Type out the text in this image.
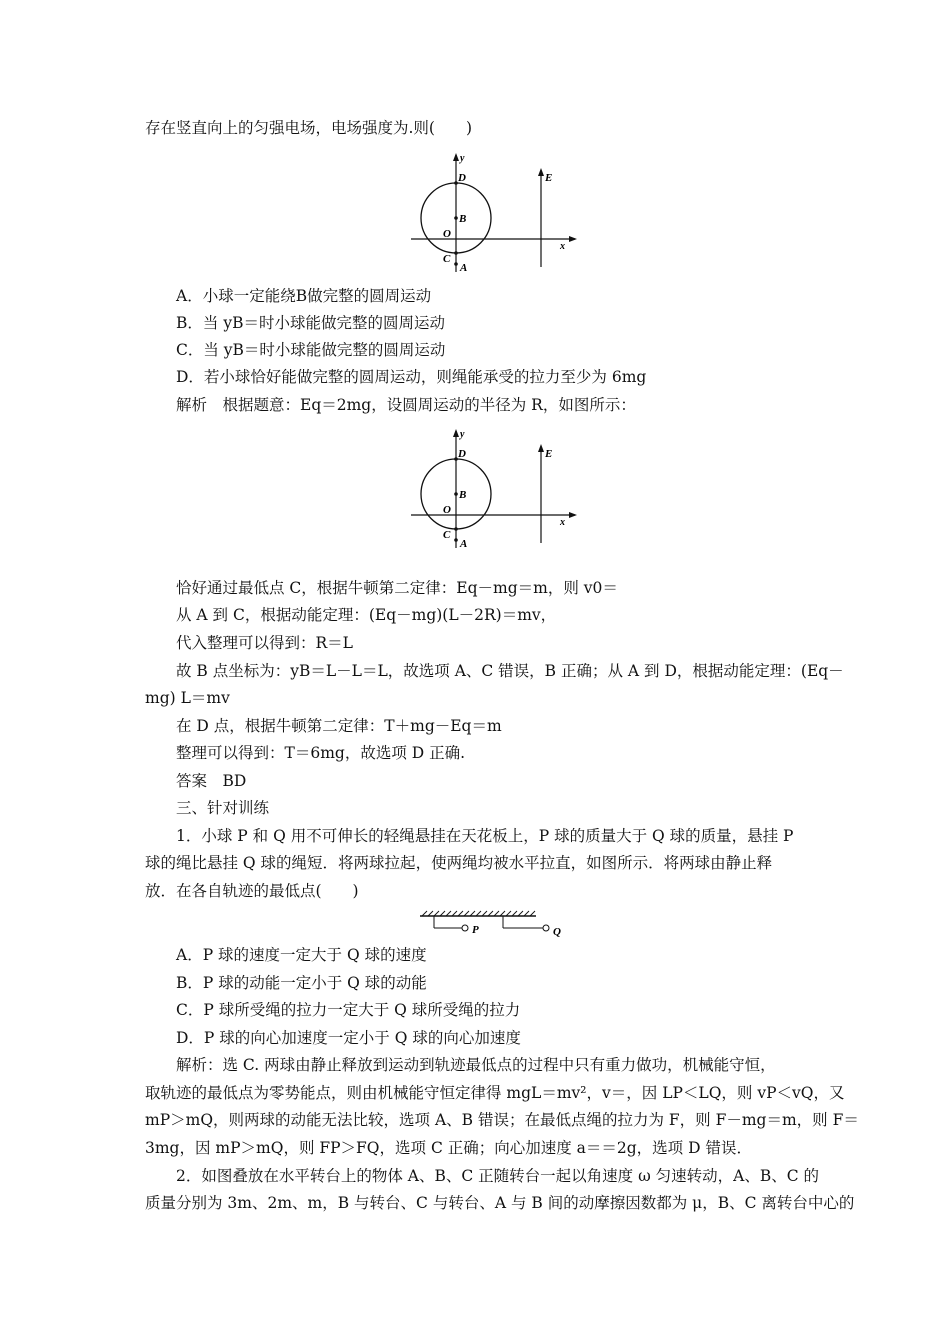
存在竖直向上的匀强电场，电场强度为.则(　　)
y
x
E
D
B
O
C
A
A．小球一定能绕B做完整的圆周运动
B．当 yB＝时小球能做完整的圆周运动
C．当 yB＝时小球能做完整的圆周运动
D．若小球恰好能做完整的圆周运动，则绳能承受的拉力至少为 6mg
解析　根据题意：Eq＝2mg，设圆周运动的半径为 R，如图所示：
y
x
E
D
B
O
C
A
恰好通过最低点 C，根据牛顿第二定律：Eq－mg＝m，则 v0＝
从 A 到 C，根据动能定理：(Eq－mg)(L－2R)＝mv，
代入整理可以得到：R＝L
故 B 点坐标为：yB＝L－L＝L，故选项 A、C 错误，B 正确；从 A 到 D，根据动能定理：(Eq－
mg) L＝mv
在 D 点，根据牛顿第二定律：T＋mg－Eq＝m
整理可以得到：T＝6mg，故选项 D 正确.
答案　BD
三、针对训练
1．小球 P 和 Q 用不可伸长的轻绳悬挂在天花板上，P 球的质量大于 Q 球的质量，悬挂 P
球的绳比悬挂 Q 球的绳短．将两球拉起，使两绳均被水平拉直，如图所示．将两球由静止释
放．在各自轨迹的最低点(　　)
P	Q
A．P 球的速度一定大于 Q 球的速度
B．P 球的动能一定小于 Q 球的动能
C．P 球所受绳的拉力一定大于 Q 球所受绳的拉力
D．P 球的向心加速度一定小于 Q 球的向心加速度
解析：选 C. 两球由静止释放到运动到轨迹最低点的过程中只有重力做功，机械能守恒，
取轨迹的最低点为零势能点，则由机械能守恒定律得 mgL＝mv²，v＝，因 LP＜LQ，则 vP＜vQ，又
mP＞mQ，则两球的动能无法比较，选项 A、B 错误；在最低点绳的拉力为 F，则 F－mg＝m，则 F＝
3mg，因 mP＞mQ，则 FP＞FQ，选项 C 正确；向心加速度 a＝＝2g，选项 D 错误．
2．如图叠放在水平转台上的物体 A、B、C 正随转台一起以角速度 ω 匀速转动，A、B、C 的
质量分别为 3m、2m、m，B 与转台、C 与转台、A 与 B 间的动摩擦因数都为 μ，B、C 离转台中心的
